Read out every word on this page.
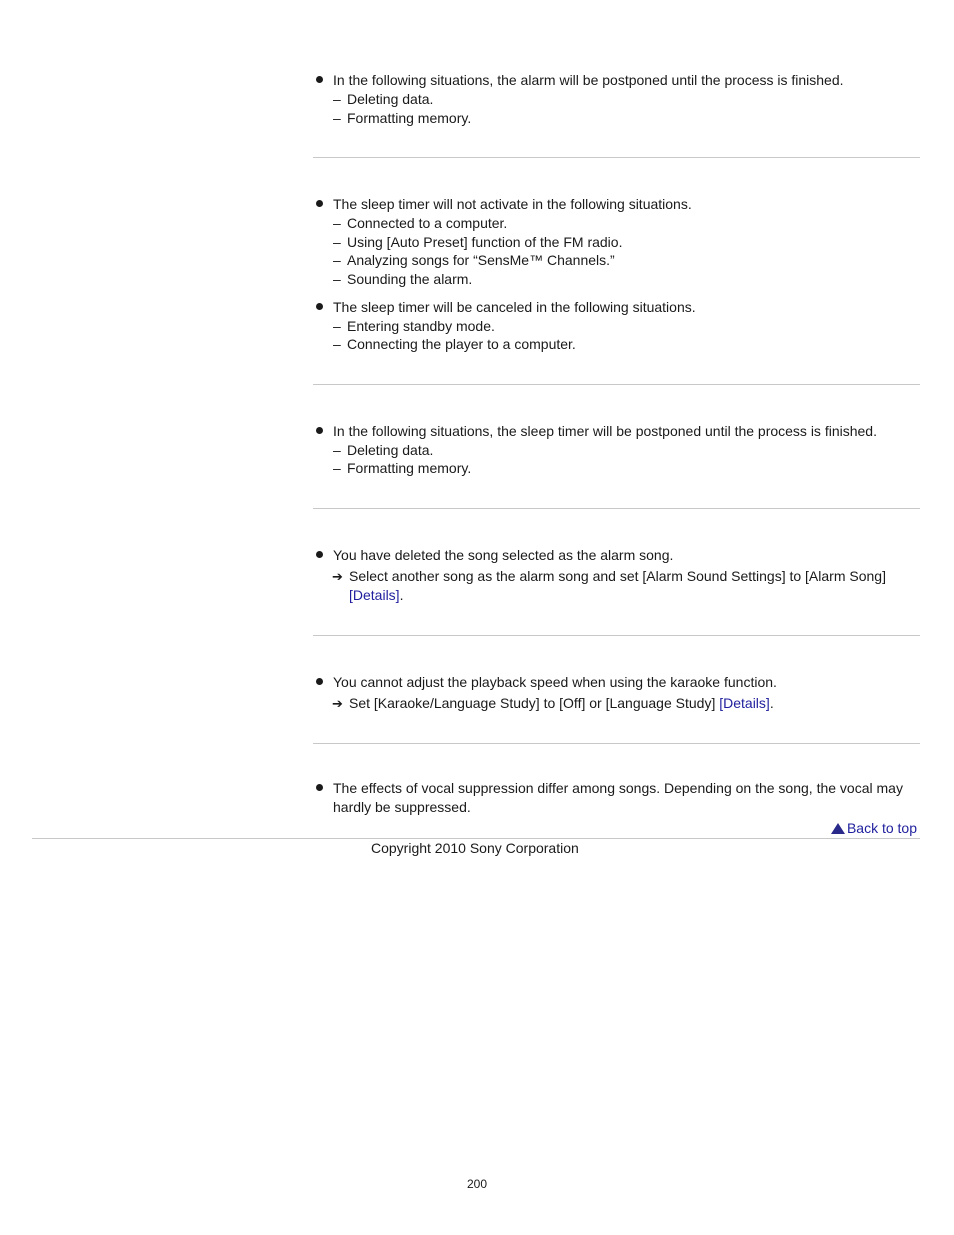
In the following situations, the alarm will be postponed until the process is finished.
– Deleting data.
– Formatting memory.
The sleep timer will not activate in the following situations.
– Connected to a computer.
– Using [Auto Preset] function of the FM radio.
– Analyzing songs for “SensMe™ Channels.”
– Sounding the alarm.
The sleep timer will be canceled in the following situations.
– Entering standby mode.
– Connecting the player to a computer.
In the following situations, the sleep timer will be postponed until the process is finished.
– Deleting data.
– Formatting memory.
You have deleted the song selected as the alarm song.
➔ Select another song as the alarm song and set [Alarm Sound Settings] to [Alarm Song]
[Details].
You cannot adjust the playback speed when using the karaoke function.
➔ Set [Karaoke/Language Study] to [Off] or [Language Study] [Details].
The effects of vocal suppression differ among songs. Depending on the song, the vocal may hardly be suppressed.
Back to top
Copyright 2010 Sony Corporation
200
